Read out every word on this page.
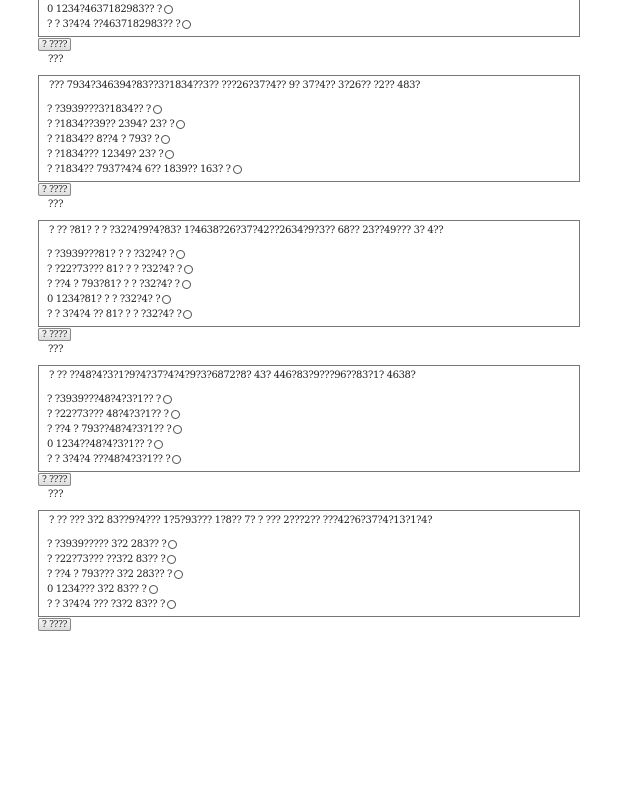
0 1234?4637182983?? ?
? ? 3?4?4 ??4637182983?? ?
? ????
???
??? 7934?346394?83??3?1834??3?? ???26?37?4?? 9? 37?4?? 3?26?? ?2?? 483?
? ?3939???3?1834?? ?
? ?1834??39?? 2394? 23? ?
? ?1834?? 8??4 ? 793? ?
? ?1834??? 12349? 23? ?
? ?1834?? 7937?4?4 6?? 1839?? 163? ?
? ????
???
? ?? ?81? ? ? ?32?4?9?4?83? 1?4638?26?37?42??2634?9?3?? 68?? 23??49??? 3? 4??
? ?3939???81? ? ? ?32?4? ?
? ?22?73??? 81? ? ? ?32?4? ?
? ??4 ? 793?81? ? ? ?32?4? ?
0 1234?81? ? ? ?32?4? ?
? ? 3?4?4 ?? 81? ? ? ?32?4? ?
? ????
???
? ?? ??48?4?3?1?9?4?37?4?4?9?3?6872?8? 43? 446?83?9???96??83?1? 4638?
? ?3939???48?4?3?1?? ?
? ?22?73??? 48?4?3?1?? ?
? ??4 ? 793??48?4?3?1?? ?
0 1234??48?4?3?1?? ?
? ? 3?4?4 ???48?4?3?1?? ?
? ????
???
? ?? ??? 3?2 83??9?4??? 1?5?93??? 1?8?? 7? ? ??? 2???2?? ???42?6?37?4?13?1?4?
? ?3939????? 3?2 283?? ?
? ?22?73??? ??3?2 83?? ?
? ??4 ? 793??? 3?2 283?? ?
0 1234??? 3?2 83?? ?
? ? 3?4?4 ??? ?3?2 83?? ?
? ????
